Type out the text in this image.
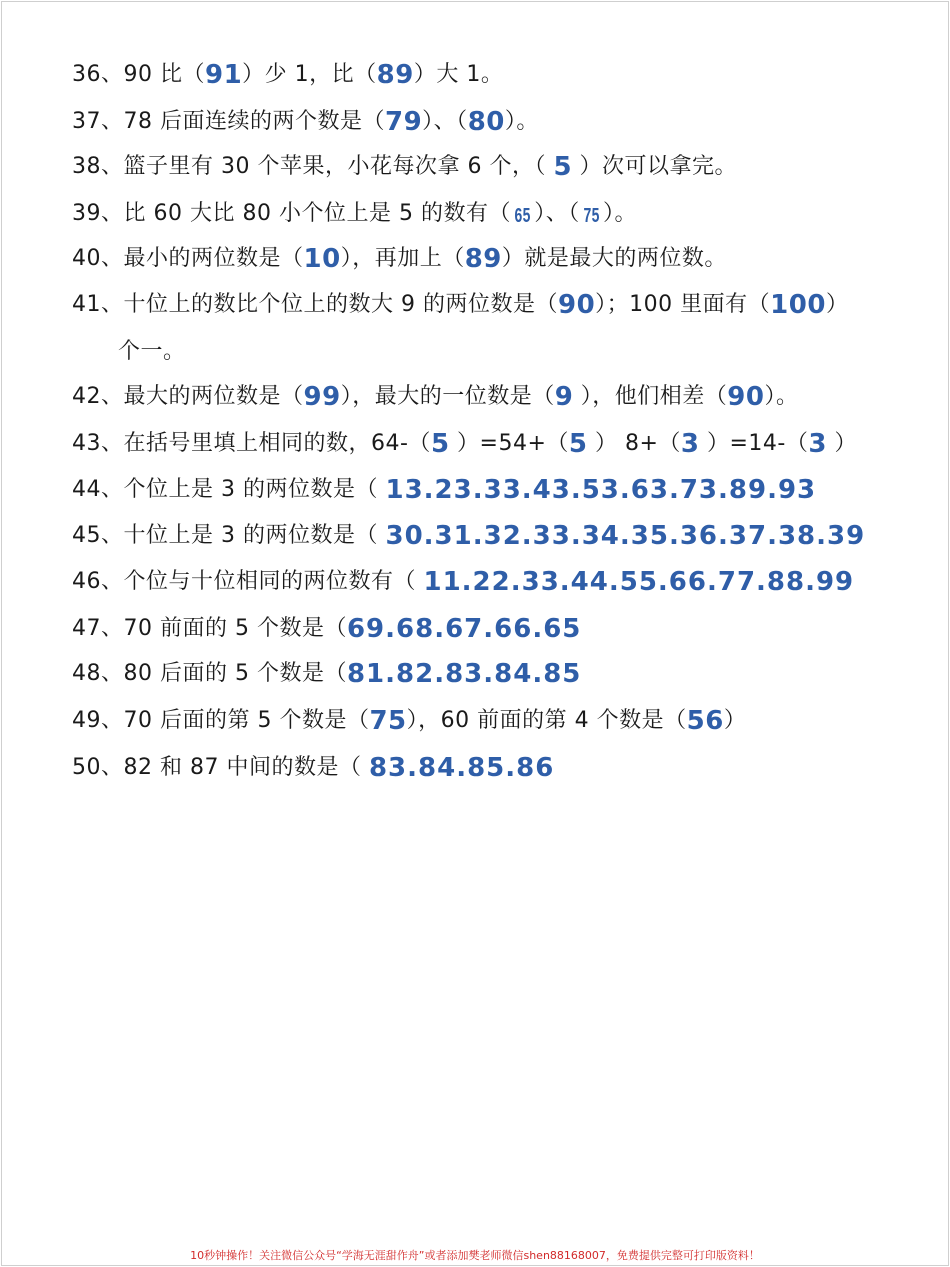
36、90 比（91）少 1，比（89）大 1。
37、78 后面连续的两个数是（79）、（80）。
38、篮子里有 30 个苹果，小花每次拿 6 个，（ 5 ）次可以拿完。
39、比 60 大比 80 小个位上是 5 的数有（ 65 ）、（ 75 ）。
40、最小的两位数是（10），再加上（89）就是最大的两位数。
41、十位上的数比个位上的数大 9 的两位数是（90）；100 里面有（100）
个一。
42、最大的两位数是（99），最大的一位数是（9 ），他们相差（90）。
43、在括号里填上相同的数，64-（5 ）=54+（5 ） 8+（3 ）=14-（3 ）
44、个位上是 3 的两位数是（ 13.23.33.43.53.63.73.89.93
45、十位上是 3 的两位数是（ 30.31.32.33.34.35.36.37.38.39
46、个位与十位相同的两位数有（ 11.22.33.44.55.66.77.88.99
47、70 前面的 5 个数是（69.68.67.66.65
48、80 后面的 5 个数是（81.82.83.84.85
49、70 后面的第 5 个数是（75），60 前面的第 4 个数是（56）
50、82 和 87 中间的数是（ 83.84.85.86
10秒钟操作！关注微信公众号“学海无涯甜作舟”或者添加樊老师微信shen88168007，免费提供完整可打印版资料！
